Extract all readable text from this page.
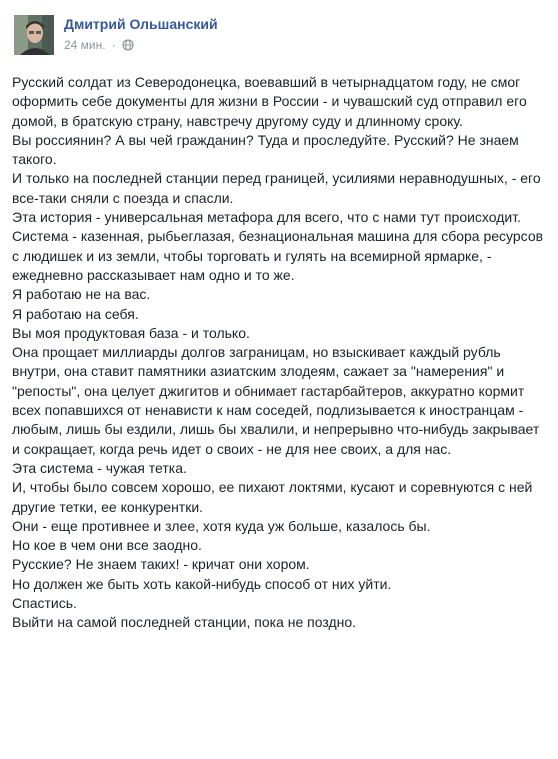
Дмитрий Ольшанский
24 мин. ·

Русский солдат из Северодонецка, воевавший в четырнадцатом году, не смог оформить себе документы для жизни в России - и чувашский суд отправил его домой, в братскую страну, навстречу другому суду и длинному сроку.

Вы россиянин? А вы чей гражданин? Туда и проследуйте. Русский? Не знаем такого.

И только на последней станции перед границей, усилиями неравнодушных, - его все-таки сняли с поезда и спасли.

Эта история - универсальная метафора для всего, что с нами тут происходит.

Система - казенная, рыбьеглазая, безнациональная машина для сбора ресурсов с людишек и из земли, чтобы торговать и гулять на всемирной ярмарке, - ежедневно рассказывает нам одно и то же.

Я работаю не на вас.

Я работаю на себя.

Вы моя продуктовая база - и только.

Она прощает миллиарды долгов заграницам, но взыскивает каждый рубль внутри, она ставит памятники азиатским злодеям, сажает за "намерения" и "репосты", она целует джигитов и обнимает гастарбайтеров, аккуратно кормит всех попавшихся от ненависти к нам соседей, подлизывается к иностранцам - любым, лишь бы ездили, лишь бы хвалили, и непрерывно что-нибудь закрывает и сокращает, когда речь идет о своих - не для нее своих, а для нас.

Эта система - чужая тетка.

И, чтобы было совсем хорошо, ее пихают локтями, кусают и соревнуются с ней другие тетки, ее конкурентки.

Они - еще противнее и злее, хотя куда уж больше, казалось бы.

Но кое в чем они все заодно.

Русские? Не знаем таких! - кричат они хором.

Но должен же быть хоть какой-нибудь способ от них уйти.

Спастись.

Выйти на самой последней станции, пока не поздно.
